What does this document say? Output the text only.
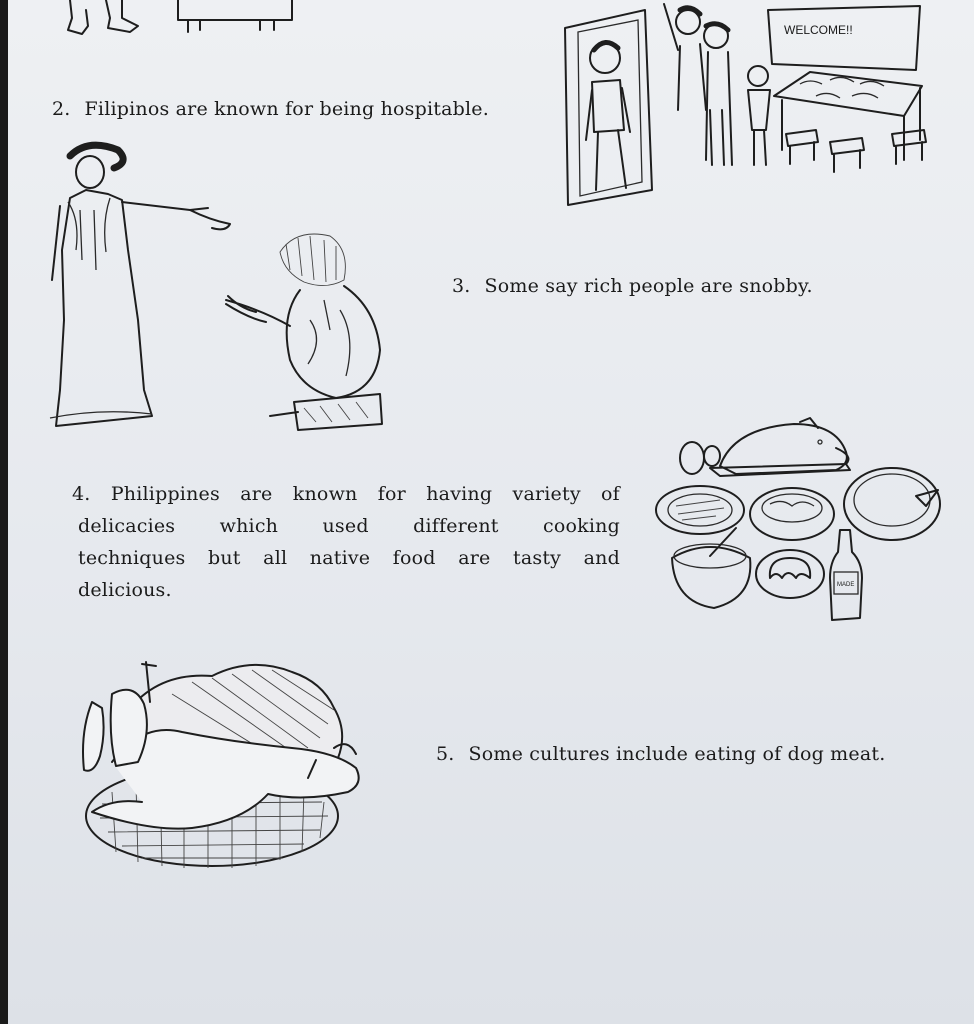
2. Filipinos are known for being hospitable.
WELCOME!!
3. Some say rich people are snobby.
4. Philippines are known for having variety of
delicacies which used different cooking
techniques but all native food are tasty and
delicious.	MADE
5. Some cultures include eating of dog meat.
